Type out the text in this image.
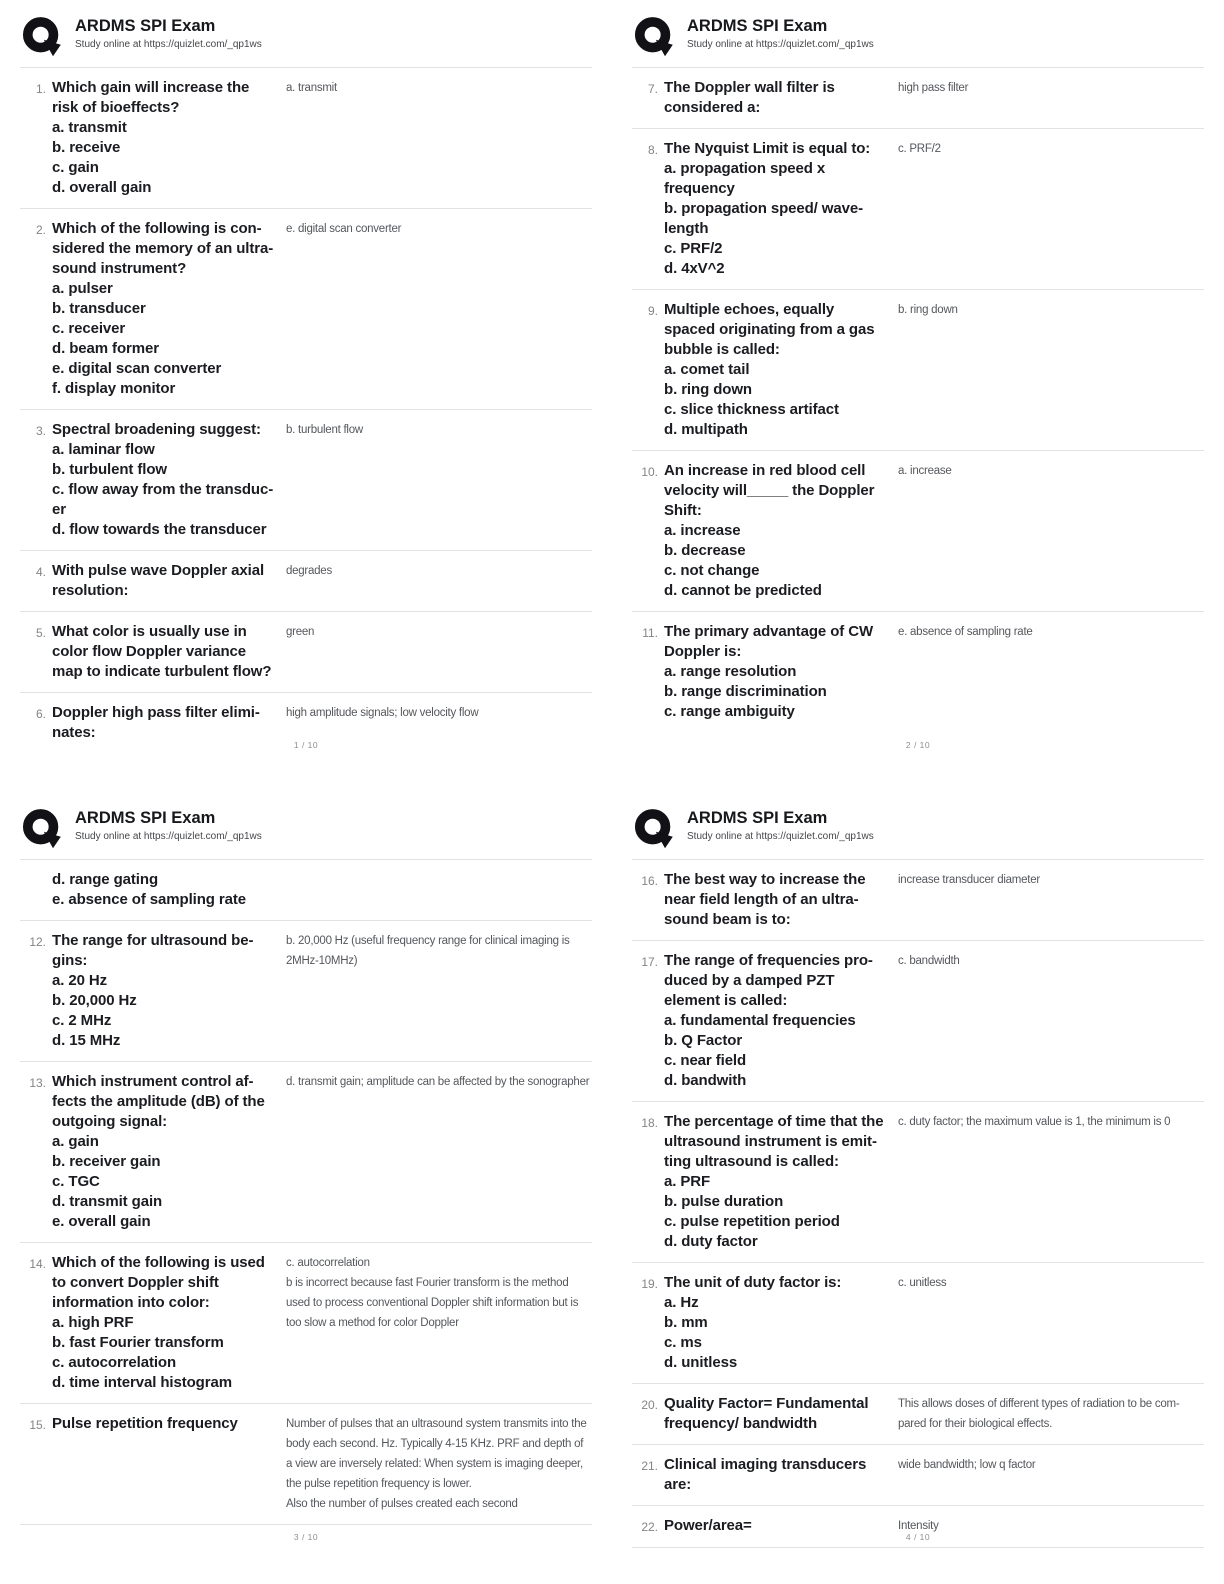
ARDMS SPI Exam
Study online at https://quizlet.com/_qp1ws
1. Which gain will increase the risk of bioeffects?
a. transmit
b. receive
c. gain
d. overall gain
a. transmit
2. Which of the following is considered the memory of an ultrasound instrument?
a. pulser
b. transducer
c. receiver
d. beam former
e. digital scan converter
f. display monitor
e. digital scan converter
3. Spectral broadening suggest:
a. laminar flow
b. turbulent flow
c. flow away from the transducer
d. flow towards the transducer
b. turbulent flow
4. With pulse wave Doppler axial resolution:
degrades
5. What color is usually use in color flow Doppler variance map to indicate turbulent flow?
green
6. Doppler high pass filter eliminates:
high amplitude signals; low velocity flow
1 / 10
ARDMS SPI Exam
Study online at https://quizlet.com/_qp1ws
7. The Doppler wall filter is considered a:
high pass filter
8. The Nyquist Limit is equal to:
a. propagation speed x frequency
b. propagation speed/ wavelength
c. PRF/2
d. 4xV^2
c. PRF/2
9. Multiple echoes, equally spaced originating from a gas bubble is called:
a. comet tail
b. ring down
c. slice thickness artifact
d. multipath
b. ring down
10. An increase in red blood cell velocity will_____ the Doppler Shift:
a. increase
b. decrease
c. not change
d. cannot be predicted
a. increase
11. The primary advantage of CW Doppler is:
a. range resolution
b. range discrimination
c. range ambiguity
e. absence of sampling rate
2 / 10
ARDMS SPI Exam
Study online at https://quizlet.com/_qp1ws
d. range gating
e. absence of sampling rate
12. The range for ultrasound begins:
a. 20 Hz
b. 20,000 Hz
c. 2 MHz
d. 15 MHz
b. 20,000 Hz (useful frequency range for clinical imaging is 2MHz-10MHz)
13. Which instrument control affects the amplitude (dB) of the outgoing signal:
a. gain
b. receiver gain
c. TGC
d. transmit gain
e. overall gain
d. transmit gain; amplitude can be affected by the sonographer
14. Which of the following is used to convert Doppler shift information into color:
a. high PRF
b. fast Fourier transform
c. autocorrelation
d. time interval histogram
c. autocorrelation
b is incorrect because fast Fourier transform is the method used to process conventional Doppler shift information but is too slow a method for color Doppler
15. Pulse repetition frequency	Number of pulses that an ultrasound system transmits into the body each second. Hz. Typically 4-15 KHz. PRF and depth of a view are inversely related: When system is imaging deeper, the pulse repetition frequency is lower.
Also the number of pulses created each second
3 / 10
ARDMS SPI Exam
Study online at https://quizlet.com/_qp1ws
16. The best way to increase the near field length of an ultrasound beam is to:
increase transducer diameter
17. The range of frequencies produced by a damped PZT element is called:
a. fundamental frequencies
b. Q Factor
c. near field
d. bandwith
c. bandwidth
18. The percentage of time that the ultrasound instrument is emitting ultrasound is called:
a. PRF
b. pulse duration
c. pulse repetition period
d. duty factor
c. duty factor; the maximum value is 1, the minimum is 0
19. The unit of duty factor is:
a. Hz
b. mm
c. ms
d. unitless
c. unitless
20. Quality Factor= Fundamental frequency/ bandwidth
This allows doses of different types of radiation to be compared for their biological effects.
21. Clinical imaging transducers are:
wide bandwidth; low q factor
22. Power/area=	Intensity
4 / 10
